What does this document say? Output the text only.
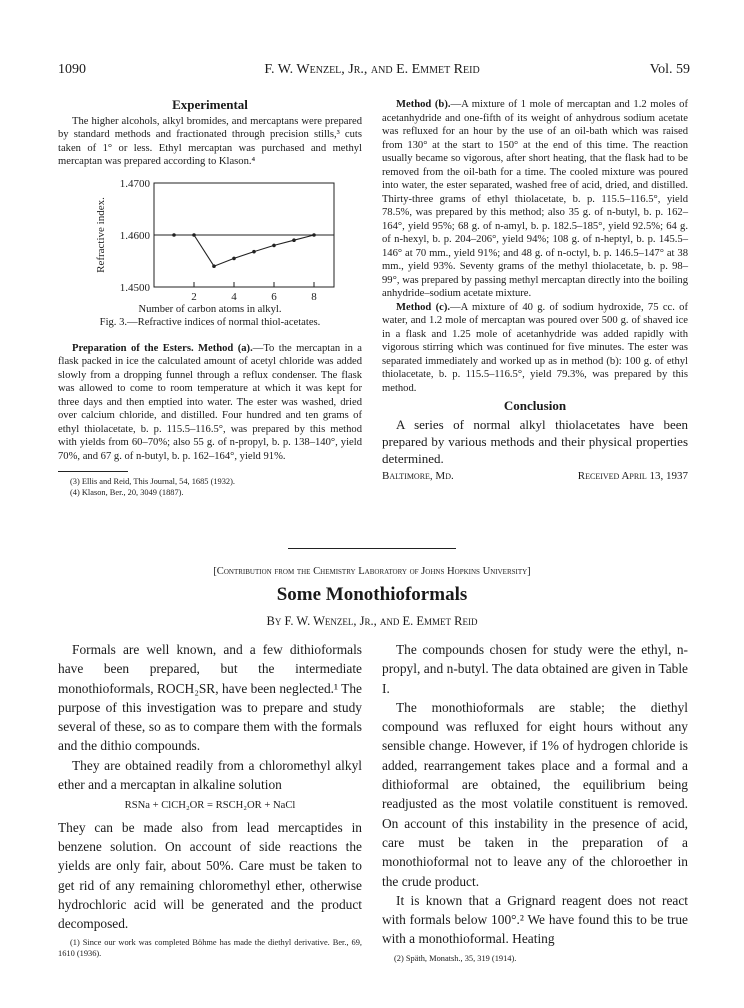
1090	F. W. Wenzel, Jr., and E. Emmet Reid	Vol. 59
Experimental

The higher alcohols, alkyl bromides, and mercaptans were prepared by standard methods and fractionated through precision stills,³ cuts taken of 1° or less. Ethyl mercaptan was purchased and methyl mercaptan was prepared according to Klason.⁴

1.4700
1.4600
1.4500
2	4	6	8
Refractive index.
Number of carbon atoms in alkyl.
Fig. 3.—Refractive indices of normal thiol-acetates.

Preparation of the Esters. Method (a).—To the mercaptan in a flask packed in ice the calculated amount of acetyl chloride was added slowly from a dropping funnel through a reflux condenser. The flask was allowed to come to room temperature at which it was kept for three days and then emptied into water. The ester was washed, dried over calcium chloride, and distilled. Four hundred and ten grams of ethyl thiolacetate, b. p. 115.5–116.5°, was prepared by this method with yields from 60–70%; also 55 g. of n-propyl, b. p. 138–140°, yield 70%, and 67 g. of n-butyl, b. p. 162–164°, yield 91%.

(3) Ellis and Reid, This Journal, 54, 1685 (1932).
(4) Klason, Ber., 20, 3049 (1887).

Method (b).—A mixture of 1 mole of mercaptan and 1.2 moles of acetanhydride and one-fifth of its weight of anhydrous sodium acetate was refluxed for an hour by the use of an oil-bath which was raised from 130° at the start to 150° at the end of this time. The reaction usually became so vigorous, after short heating, that the flask had to be removed from the oil-bath for a time. The cooled mixture was poured into water, the ester separated, washed free of acid, dried, and distilled. Thirty-three grams of ethyl thiolacetate, b. p. 115.5–116.5°, yield 78.5%, was prepared by this method; also 35 g. of n-butyl, b. p. 162–164°, yield 95%; 68 g. of n-amyl, b. p. 182.5–185°, yield 92.5%; 64 g. of n-hexyl, b. p. 204–206°, yield 94%; 108 g. of n-heptyl, b. p. 145.5–146° at 70 mm., yield 91%; and 48 g. of n-octyl, b. p. 146.5–147° at 38 mm., yield 93%. Seventy grams of the methyl thiolacetate, b. p. 98–99°, was prepared by passing methyl mercaptan directly into the boiling anhydride–sodium acetate mixture.

Method (c).—A mixture of 40 g. of sodium hydroxide, 75 cc. of water, and 1.2 mole of mercaptan was poured over 500 g. of shaved ice in a flask and 1.25 mole of acetanhydride was added rapidly with vigorous stirring which was continued for five minutes. The ester was separated immediately and worked up as in method (b): 100 g. of ethyl thiolacetate, b. p. 115.5–116.5°, yield 79.3%, was prepared by this method.

Conclusion

A series of normal alkyl thiolacetates have been prepared by various methods and their physical properties determined.

Baltimore, Md.	Received April 13, 1937
[Contribution from the Chemistry Laboratory of Johns Hopkins University]
Some Monothioformals
By F. W. Wenzel, Jr., and E. Emmet Reid

Formals are well known, and a few dithioformals have been prepared, but the intermediate monothioformals, ROCH₂SR, have been neglected.¹ The purpose of this investigation was to prepare and study several of these, so as to compare them with the formals and the dithio compounds.

They are obtained readily from a chloromethyl alkyl ether and a mercaptan in alkaline solution

RSNa + ClCH₂OR = RSCH₂OR + NaCl

They can be made also from lead mercaptides in benzene solution. On account of side reactions the yields are only fair, about 50%. Care must be taken to get rid of any remaining chloromethyl ether, otherwise hydrochloric acid will be generated and the product decomposed.

(1) Since our work was completed Böhme has made the diethyl derivative. Ber., 69, 1610 (1936).

The compounds chosen for study were the ethyl, n-propyl, and n-butyl. The data obtained are given in Table I.

The monothioformals are stable; the diethyl compound was refluxed for eight hours without any sensible change. However, if 1% of hydrogen chloride is added, rearrangement takes place and a formal and a dithioformal are obtained, the equilibrium being readjusted as the most volatile constituent is removed. On account of this instability in the presence of acid, care must be taken in the preparation of a monothioformal not to leave any of the chloroether in the crude product.

It is known that a Grignard reagent does not react with formals below 100°.² We have found this to be true with a monothioformal. Heating

(2) Späth, Monatsh., 35, 319 (1914).
